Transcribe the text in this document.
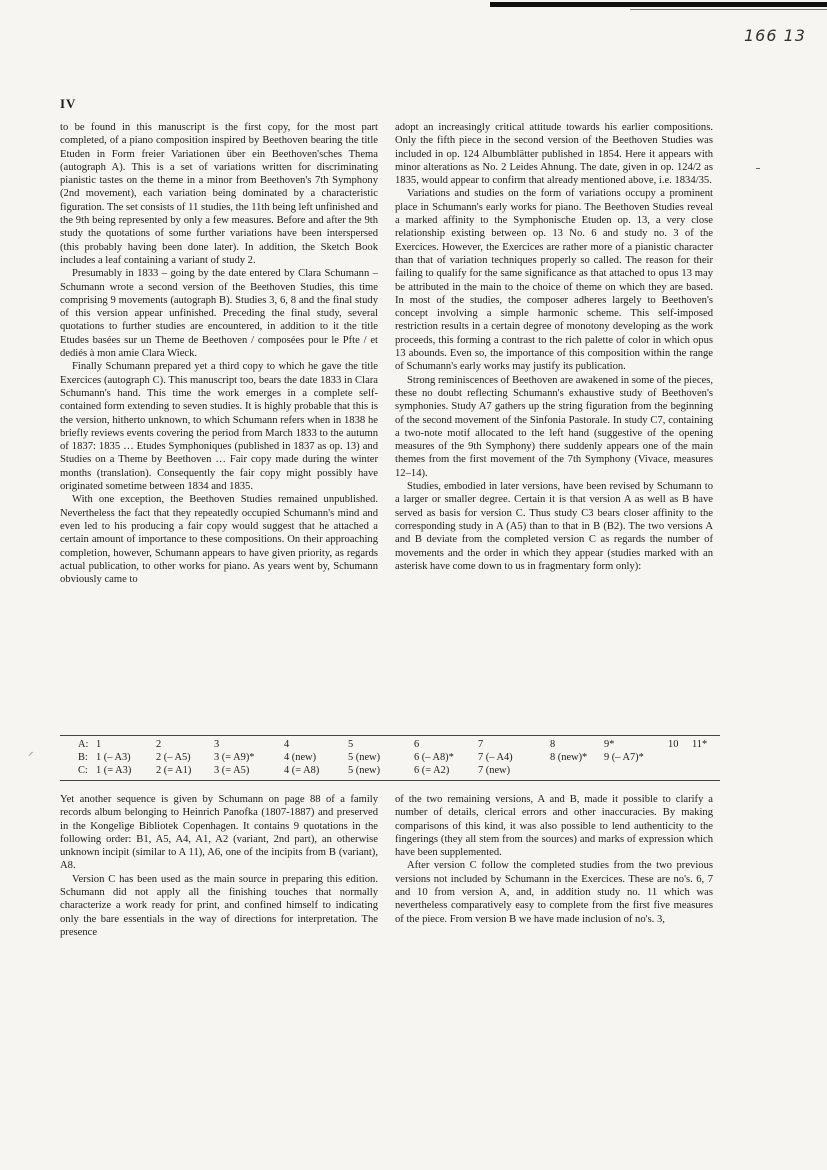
166 13
IV

to be found in this manuscript is the first copy, for the most part completed, of a piano composition inspired by Beethoven bearing the title Etuden in Form freier Variationen über ein Beethoven'sches Thema (autograph A). This is a set of variations written for discriminating pianistic tastes on the theme in a minor from Beethoven's 7th Symphony (2nd movement), each variation being dominated by a characteristic figuration. The set consists of 11 studies, the 11th being left unfinished and the 9th being represented by only a few measures. Before and after the 9th study the quotations of some further variations have been interspersed (this probably having been done later). In addition, the Sketch Book includes a leaf containing a variant of study 2.

Presumably in 1833 – going by the date entered by Clara Schumann – Schumann wrote a second version of the Beethoven Studies, this time comprising 9 movements (autograph B). Studies 3, 6, 8 and the final study of this version appear unfinished. Preceding the final study, several quotations to further studies are encountered, in addition to it the title Etudes basées sur un Theme de Beethoven / composées pour le Pfte / et dediés à mon amie Clara Wieck.

Finally Schumann prepared yet a third copy to which he gave the title Exercices (autograph C). This manuscript too, bears the date 1833 in Clara Schumann's hand. This time the work emerges in a complete self-contained form extending to seven studies. It is highly probable that this is the version, hitherto unknown, to which Schumann refers when in 1838 he briefly reviews events covering the period from March 1833 to the autumn of 1837: 1835 … Etudes Symphoniques (published in 1837 as op. 13) and Studies on a Theme by Beethoven … Fair copy made during the winter months (translation). Consequently the fair copy might possibly have originated sometime between 1834 and 1835.

With one exception, the Beethoven Studies remained unpublished. Nevertheless the fact that they repeatedly occupied Schumann's mind and even led to his producing a fair copy would suggest that he attached a certain amount of importance to these compositions. On their approaching completion, however, Schumann appears to have given priority, as regards actual publication, to other works for piano. As years went by, Schumann obviously came to

adopt an increasingly critical attitude towards his earlier compositions. Only the fifth piece in the second version of the Beethoven Studies was included in op. 124 Albumblätter published in 1854. Here it appears with minor alterations as No. 2 Leides Ahnung. The date, given in op. 124/2 as 1835, would appear to confirm that already mentioned above, i.e. 1834/35.

Variations and studies on the form of variations occupy a prominent place in Schumann's early works for piano. The Beethoven Studies reveal a marked affinity to the Symphonische Etuden op. 13, a very close relationship existing between op. 13 No. 6 and study no. 3 of the Exercices. However, the Exercices are rather more of a pianistic character than that of variation techniques properly so called. The reason for their failing to qualify for the same significance as that attached to opus 13 may be attributed in the main to the choice of theme on which they are based. In most of the studies, the composer adheres largely to Beethoven's concept involving a simple harmonic scheme. This self-imposed restriction results in a certain degree of monotony developing as the work proceeds, this forming a contrast to the rich palette of color in which opus 13 abounds. Even so, the importance of this composition within the range of Schumann's early works may justify its publication.

Strong reminiscences of Beethoven are awakened in some of the pieces, these no doubt reflecting Schumann's exhaustive study of Beethoven's symphonies. Study A7 gathers up the string figuration from the beginning of the second movement of the Sinfonia Pastorale. In study C7, containing a two-note motif allocated to the left hand (suggestive of the opening measures of the 9th Symphony) there suddenly appears one of the main themes from the first movement of the 7th Symphony (Vivace, measures 12–14).

Studies, embodied in later versions, have been revised by Schumann to a larger or smaller degree. Certain it is that version A as well as B have served as basis for version C. Thus study C3 bears closer affinity to the corresponding study in A (A5) than to that in B (B2). The two versions A and B deviate from the completed version C as regards the number of movements and the order in which they appear (studies marked with an asterisk have come down to us in fragmentary form only):

⸝
A: 1	2	3	4	5	6	7	8	9*	10 11*
B: 1 (– A3) 2 (– A5) 3 (= A9)*	4 (new)	5 (new)	6 (– A8)* 7 (– A4)	8 (new)* 9 (– A7)*
C: 1 (= A3) 2 (= A1) 3 (= A5)	4 (= A8)	5 (new)	6 (= A2)	7 (new)

Yet another sequence is given by Schumann on page 88 of a family records album belonging to Heinrich Panofka (1807-1887) and preserved in the Kongelige Bibliotek Copenhagen. It contains 9 quotations in the following order: B1, A5, A4, A1, A2 (variant, 2nd part), an otherwise unknown incipit (similar to A 11), A6, one of the incipits from B (variant), A8.

Version C has been used as the main source in preparing this edition. Schumann did not apply all the finishing touches that normally characterize a work ready for print, and confined himself to indicating only the bare essentials in the way of directions for interpretation. The presence

of the two remaining versions, A and B, made it possible to clarify a number of details, clerical errors and other inaccuracies. By making comparisons of this kind, it was also possible to lend authenticity to the fingerings (they all stem from the sources) and marks of expression which have been supplemented.

After version C follow the completed studies from the two previous versions not included by Schumann in the Exercices. These are no's. 6, 7 and 10 from version A, and, in addition study no. 11 which was nevertheless comparatively easy to complete from the first five measures of the piece. From version B we have made inclusion of no's. 3,
